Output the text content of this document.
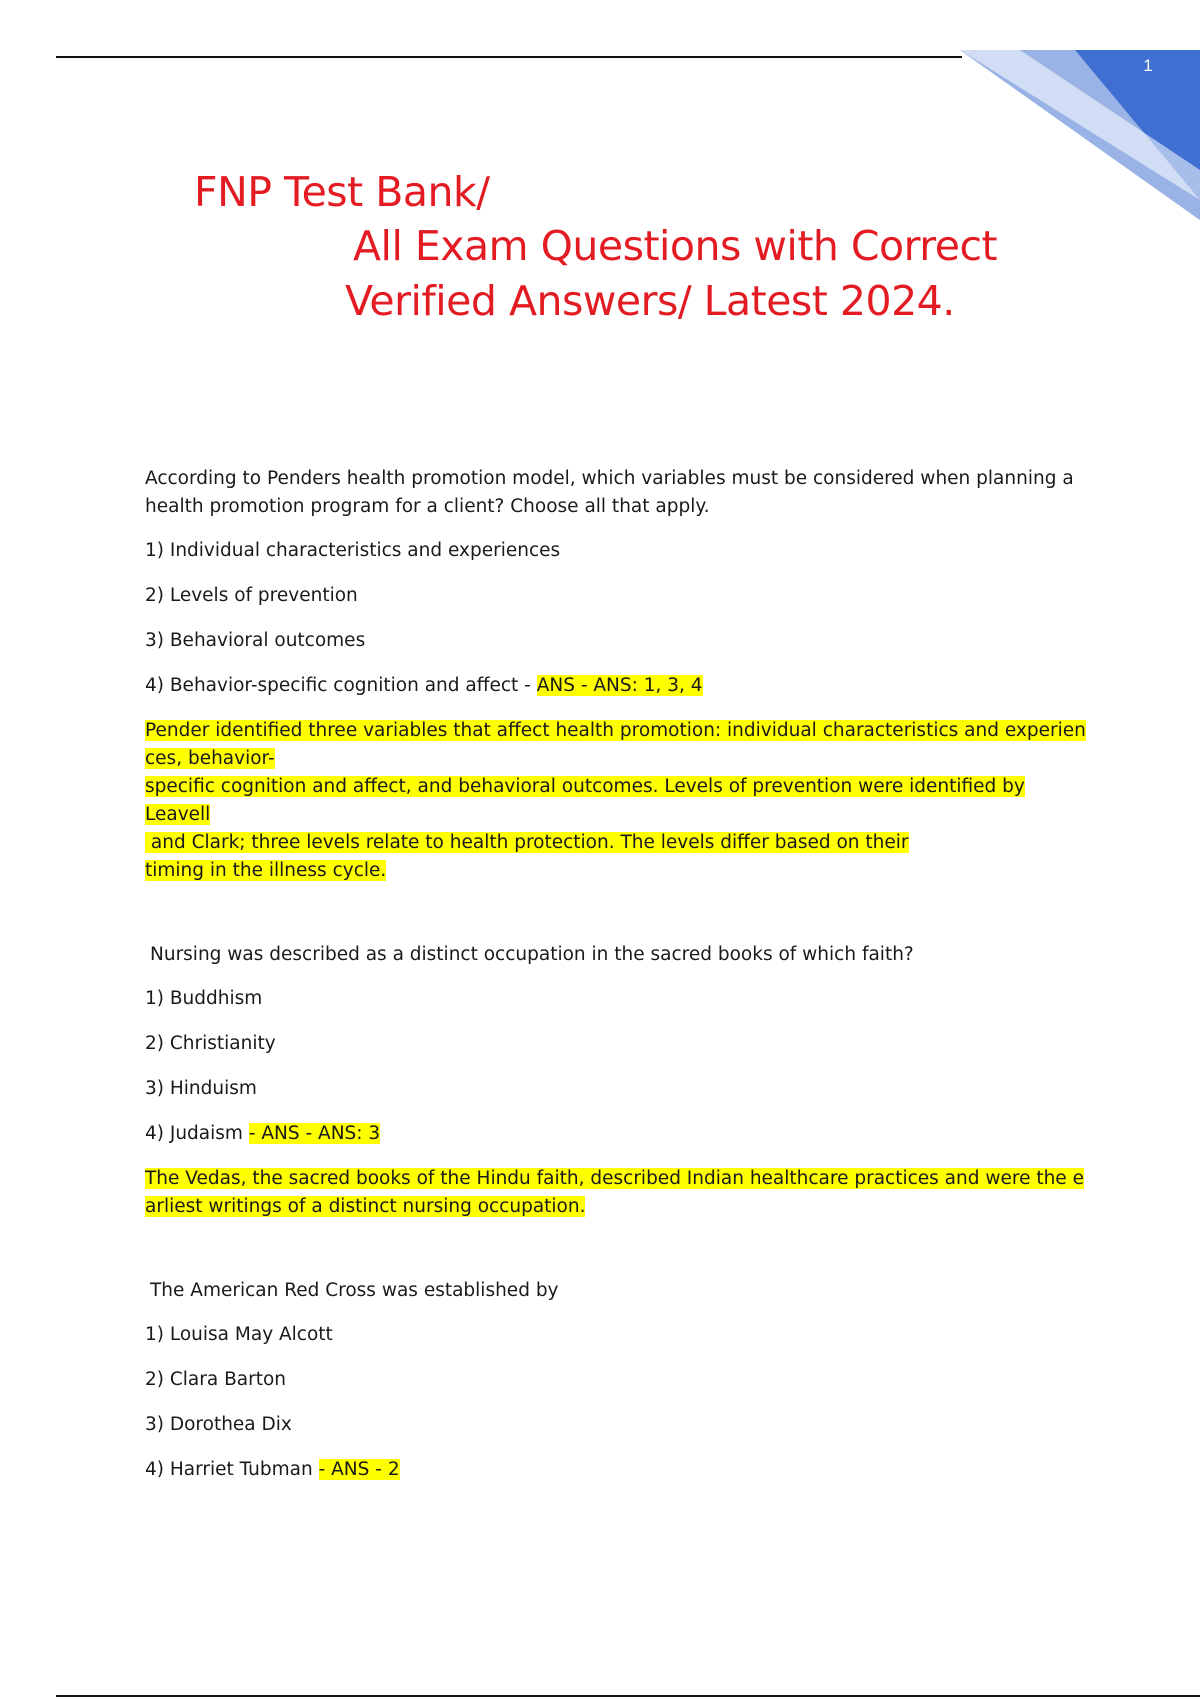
1
FNP Test Bank/
All Exam Questions with Correct
Verified Answers/ Latest 2024.

According to Penders health promotion model, which variables must be considered when planning a health promotion program for a client? Choose all that apply.

1) Individual characteristics and experiences

2) Levels of prevention

3) Behavioral outcomes

4) Behavior-specific cognition and affect - ANS - ANS: 1, 3, 4

Pender identified three variables that affect health promotion: individual characteristics and experien
ces, behavior-
specific cognition and affect, and behavioral outcomes. Levels of prevention were identified by Leavell
and Clark; three levels relate to health protection. The levels differ based on their
timing in the illness cycle.

Nursing was described as a distinct occupation in the sacred books of which faith?

1) Buddhism

2) Christianity

3) Hinduism

4) Judaism - ANS - ANS: 3

The Vedas, the sacred books of the Hindu faith, described Indian healthcare practices and were the e
arliest writings of a distinct nursing occupation.

The American Red Cross was established by

1) Louisa May Alcott

2) Clara Barton

3) Dorothea Dix

4) Harriet Tubman - ANS - 2
